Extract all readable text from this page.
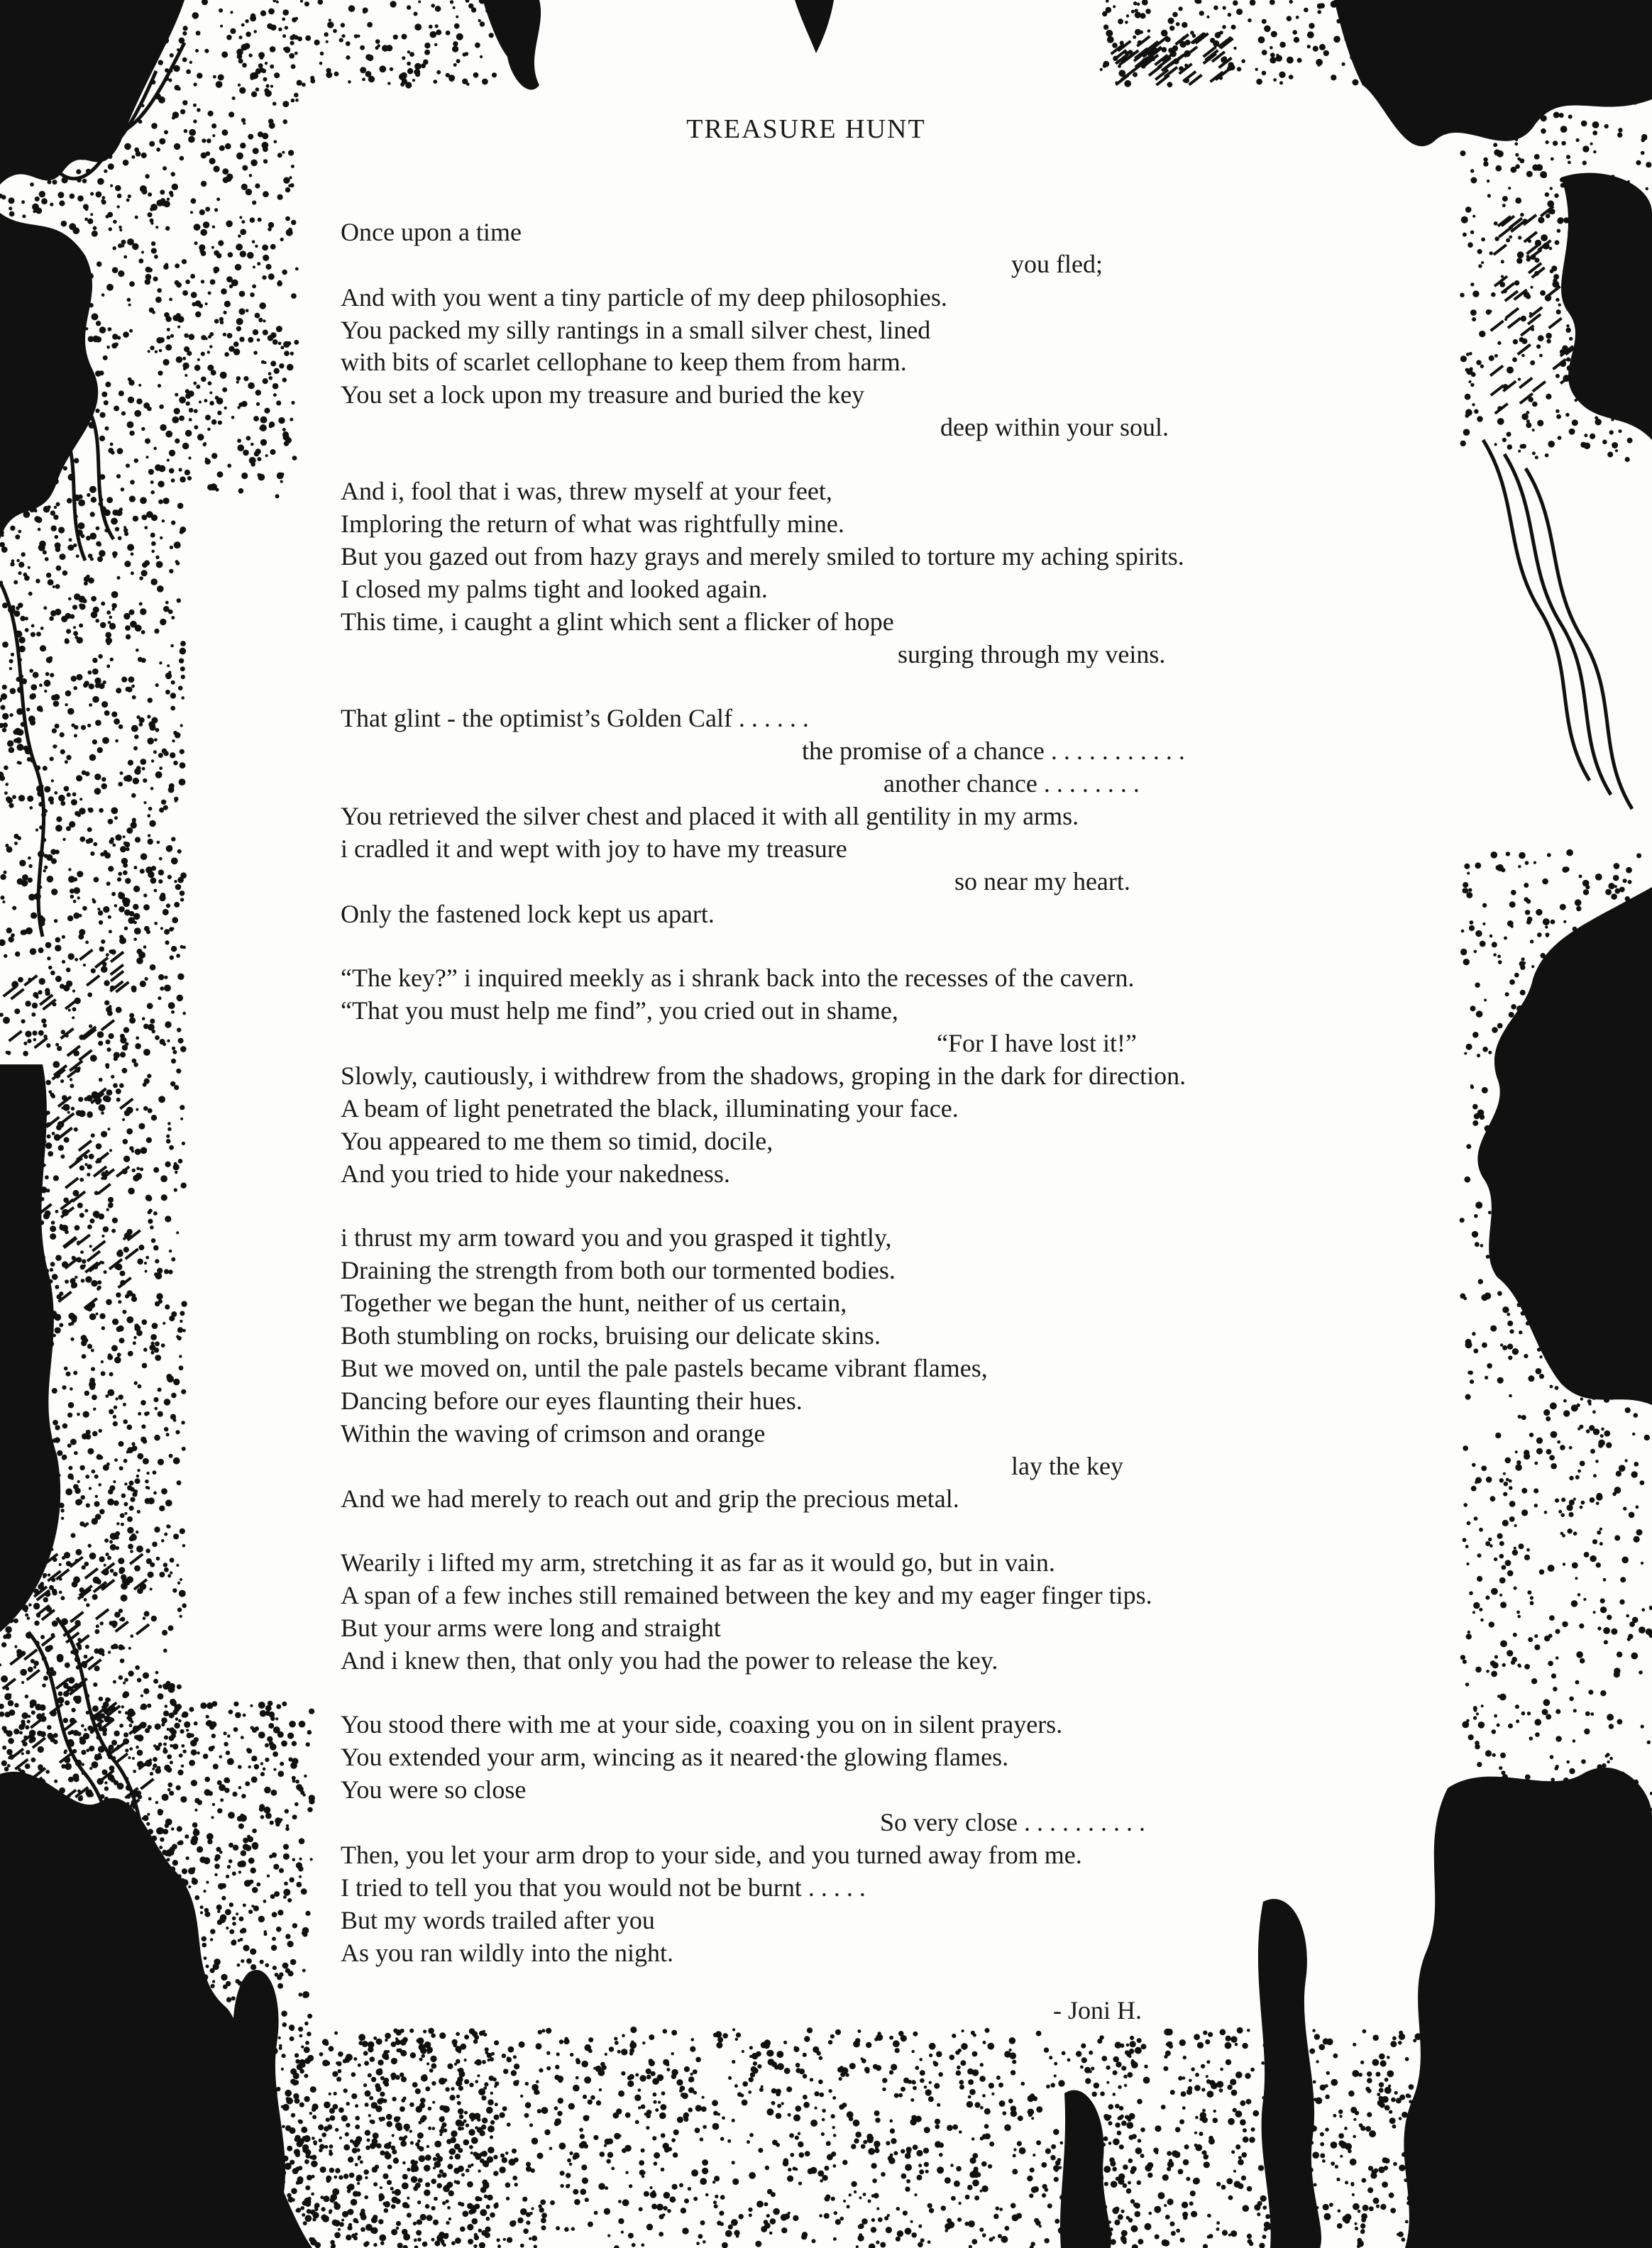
TREASURE HUNT
Once upon a time
you fled;
And with you went a tiny particle of my deep philosophies.
You packed my silly rantings in a small silver chest, lined
with bits of scarlet cellophane to keep them from harm.
You set a lock upon my treasure and buried the key
deep within your soul.
And i, fool that i was, threw myself at your feet,
Imploring the return of what was rightfully mine.
But you gazed out from hazy grays and merely smiled to torture my aching spirits.
I closed my palms tight and looked again.
This time, i caught a glint which sent a flicker of hope
surging through my veins.
That glint - the optimist’s Golden Calf . . . . . .
the promise of a chance . . . . . . . . . . .
another chance . . . . . . . .
You retrieved the silver chest and placed it with all gentility in my arms.
i cradled it and wept with joy to have my treasure
so near my heart.
Only the fastened lock kept us apart.
“The key?” i inquired meekly as i shrank back into the recesses of the cavern.
“That you must help me find”, you cried out in shame,
“For I have lost it!”
Slowly, cautiously, i withdrew from the shadows, groping in the dark for direction.
A beam of light penetrated the black, illuminating your face.
You appeared to me them so timid, docile,
And you tried to hide your nakedness.
i thrust my arm toward you and you grasped it tightly,
Draining the strength from both our tormented bodies.
Together we began the hunt, neither of us certain,
Both stumbling on rocks, bruising our delicate skins.
But we moved on, until the pale pastels became vibrant flames,
Dancing before our eyes flaunting their hues.
Within the waving of crimson and orange
lay the key
And we had merely to reach out and grip the precious metal.
Wearily i lifted my arm, stretching it as far as it would go, but in vain.
A span of a few inches still remained between the key and my eager finger tips.
But your arms were long and straight
And i knew then, that only you had the power to release the key.
You stood there with me at your side, coaxing you on in silent prayers.
You extended your arm, wincing as it neared·the glowing flames.
You were so close
So very close . . . . . . . . . .
Then, you let your arm drop to your side, and you turned away from me.
I tried to tell you that you would not be burnt . . . . .
But my words trailed after you
As you ran wildly into the night.
- Joni H.
